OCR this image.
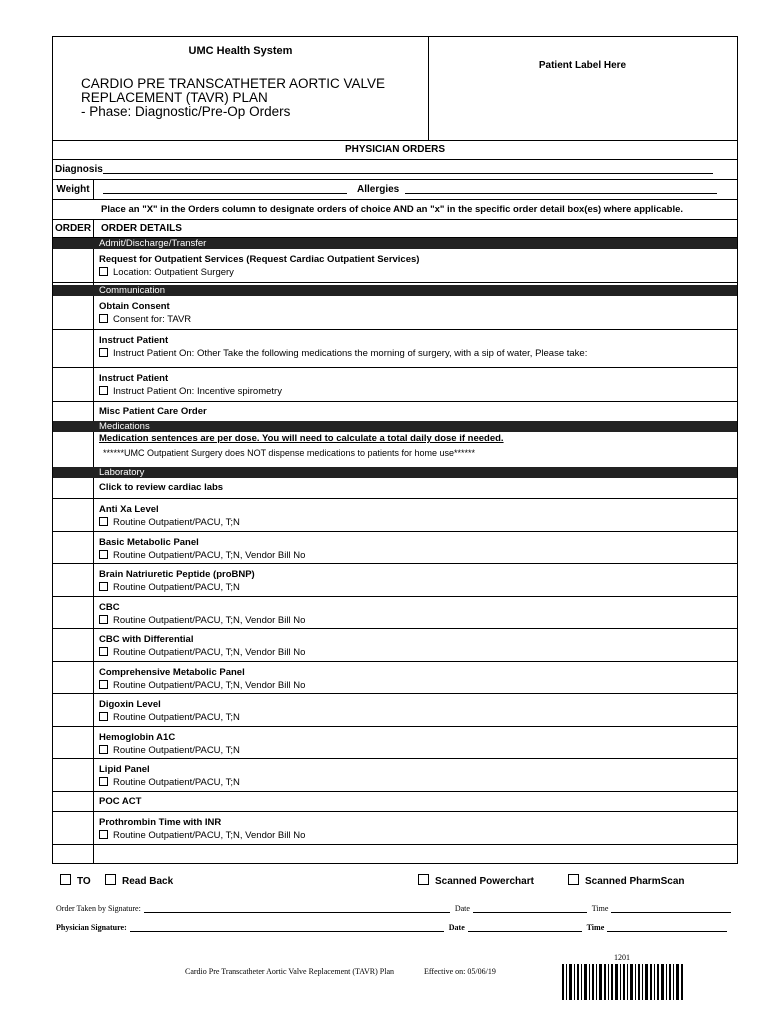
UMC Health System
CARDIO PRE TRANSCATHETER AORTIC VALVE
REPLACEMENT (TAVR) PLAN
- Phase: Diagnostic/Pre-Op Orders
Patient Label Here
PHYSICIAN ORDERS
Diagnosis
Weight	Allergies
Place an "X" in the Orders column to designate orders of choice AND an "x" in the specific order detail box(es) where applicable.
ORDER ORDER DETAILS
Admit/Discharge/Transfer
Request for Outpatient Services (Request Cardiac Outpatient Services)
Location: Outpatient Surgery
Communication
Obtain Consent
Consent for: TAVR
Instruct Patient
Instruct Patient On: Other Take the following medications the morning of surgery, with a sip of water, Please take:
Instruct Patient
Instruct Patient On: Incentive spirometry
Misc Patient Care Order
Medications
Medication sentences are per dose. You will need to calculate a total daily dose if needed.
******UMC Outpatient Surgery does NOT dispense medications to patients for home use******
Laboratory
Click to review cardiac labs
Anti Xa Level
Routine Outpatient/PACU, T;N
Basic Metabolic Panel
Routine Outpatient/PACU, T;N, Vendor Bill No
Brain Natriuretic Peptide (proBNP)
Routine Outpatient/PACU, T;N
CBC
Routine Outpatient/PACU, T;N, Vendor Bill No
CBC with Differential
Routine Outpatient/PACU, T;N, Vendor Bill No
Comprehensive Metabolic Panel
Routine Outpatient/PACU, T;N, Vendor Bill No
Digoxin Level
Routine Outpatient/PACU, T;N
Hemoglobin A1C
Routine Outpatient/PACU, T;N
Lipid Panel
Routine Outpatient/PACU, T;N
POC ACT
Prothrombin Time with INR
Routine Outpatient/PACU, T;N, Vendor Bill No
TO	Read Back	Scanned Powerchart	Scanned PharmScan
Order Taken by Signature:	Date	Time
Physician Signature:	Date	Time
Cardio Pre Transcatheter Aortic Valve Replacement (TAVR) Plan	Effective on: 05/06/19
1201
